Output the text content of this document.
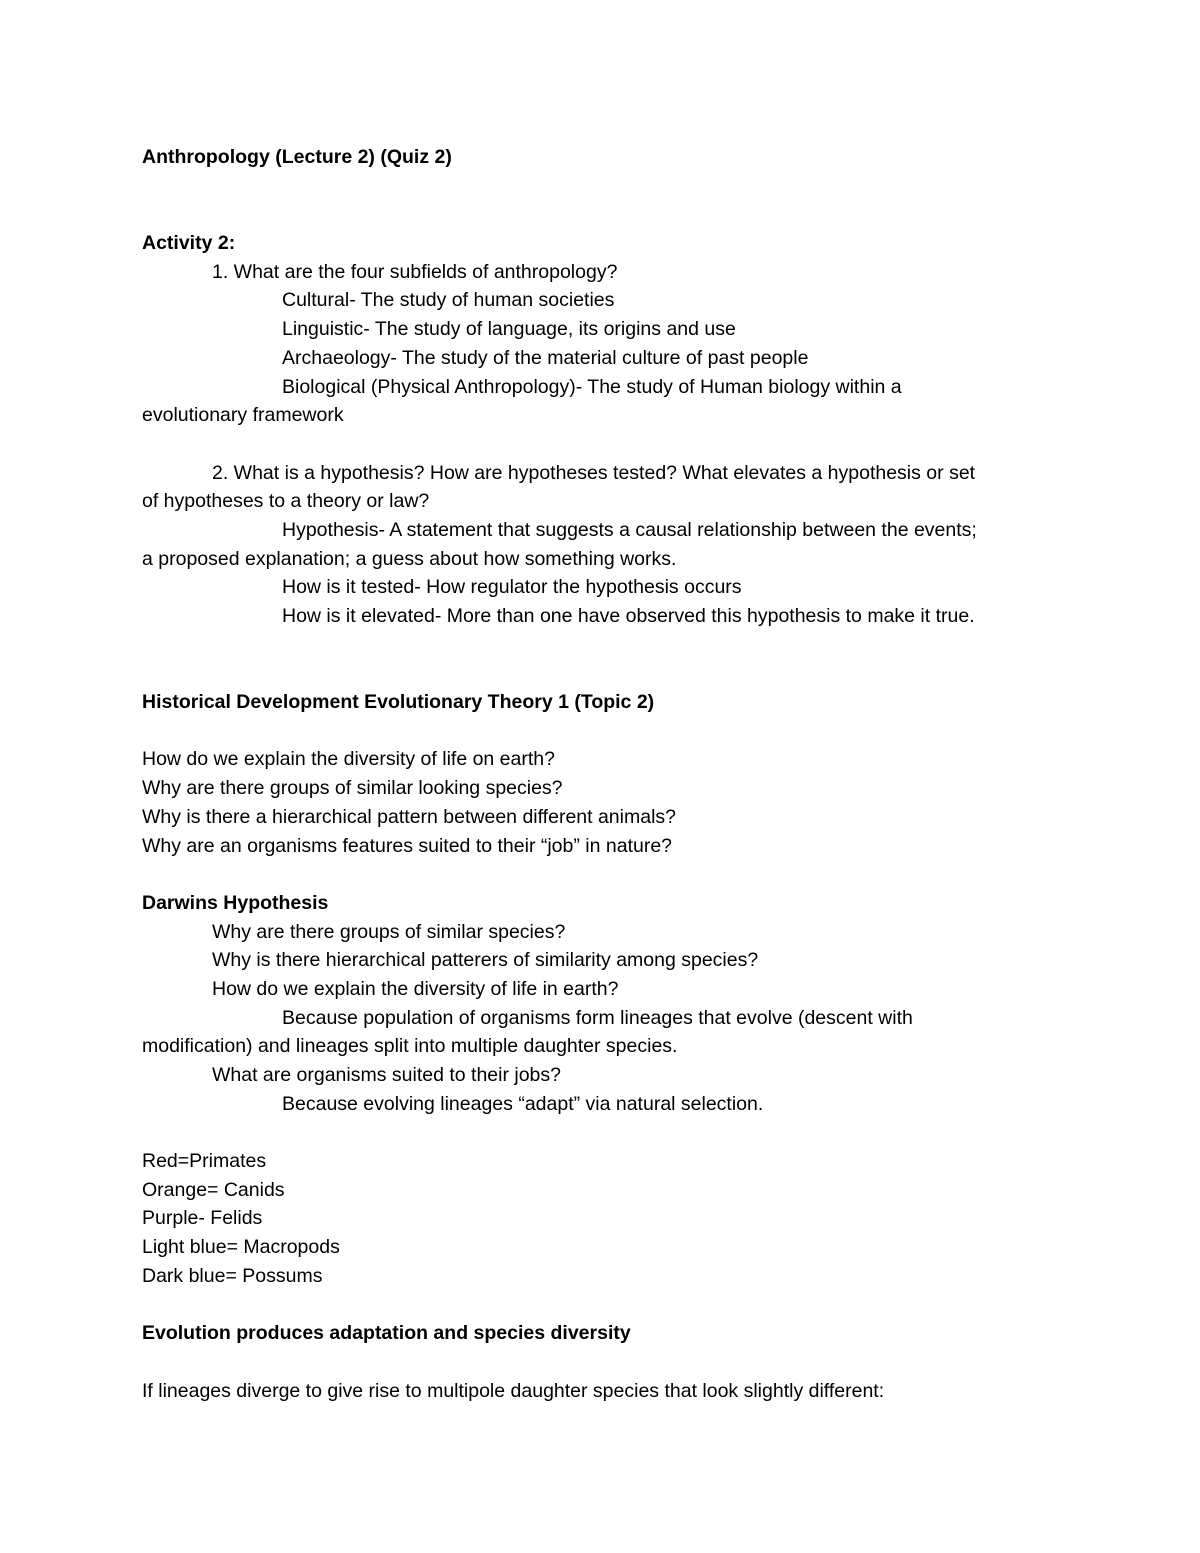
Anthropology (Lecture 2) (Quiz 2)
Activity 2:
1. What are the four subfields of anthropology?
Cultural- The study of human societies
Linguistic- The study of language, its origins and use
Archaeology- The study of the material culture of past people
Biological (Physical Anthropology)- The study of Human biology within a
evolutionary framework
2. What is a hypothesis? How are hypotheses tested? What elevates a hypothesis or set
of hypotheses to a theory or law?
Hypothesis- A statement that suggests a causal relationship between the events;
a proposed explanation; a guess about how something works.
How is it tested- How regulator the hypothesis occurs
How is it elevated- More than one have observed this hypothesis to make it true.
Historical Development Evolutionary Theory 1 (Topic 2)
How do we explain the diversity of life on earth?
Why are there groups of similar looking species?
Why is there a hierarchical pattern between different animals?
Why are an organisms features suited to their “job” in nature?
Darwins Hypothesis
Why are there groups of similar species?
Why is there hierarchical patterers of similarity among species?
How do we explain the diversity of life in earth?
Because population of organisms form lineages that evolve (descent with
modification) and lineages split into multiple daughter species.
What are organisms suited to their jobs?
Because evolving lineages “adapt” via natural selection.
Red=Primates
Orange= Canids
Purple- Felids
Light blue= Macropods
Dark blue= Possums
Evolution produces adaptation and species diversity
If lineages diverge to give rise to multipole daughter species that look slightly different:
